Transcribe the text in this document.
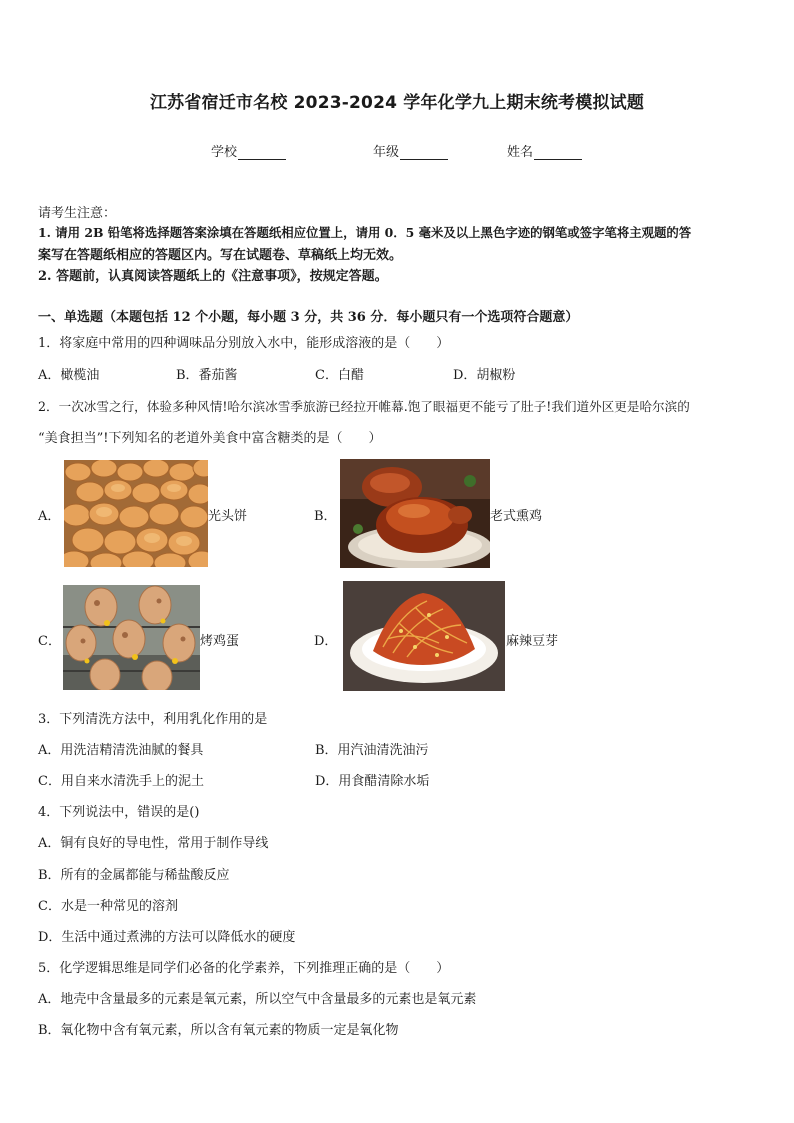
江苏省宿迁市名校 2023-2024 学年化学九上期末统考模拟试题
学校	年级	姓名
请考生注意：
1. 请用 2B 铅笔将选择题答案涂填在答题纸相应位置上，请用 0．5 毫米及以上黑色字迹的钢笔或签字笔将主观题的答
案写在答题纸相应的答题区内。写在试题卷、草稿纸上均无效。
2. 答题前，认真阅读答题纸上的《注意事项》，按规定答题。
一、单选题（本题包括 12 个小题，每小题 3 分，共 36 分．每小题只有一个选项符合题意）
1．将家庭中常用的四种调味品分别放入水中，能形成溶液的是（　　）
A．橄榄油	B．番茄酱	C．白醋	D．胡椒粉
2．一次冰雪之行，体验多种风情!哈尔滨冰雪季旅游已经拉开帷幕.饱了眼福更不能亏了肚子!我们道外区更是哈尔滨的
“美食担当”!下列知名的老道外美食中富含糖类的是（　　）
A．	光头饼	B．	老式熏鸡
C．	烤鸡蛋	D．	麻辣豆芽
3．下列清洗方法中，利用乳化作用的是
A．用洗洁精清洗油腻的餐具	B．用汽油清洗油污
C．用自来水清洗手上的泥土	D．用食醋清除水垢
4．下列说法中，错误的是()
A．铜有良好的导电性，常用于制作导线
B．所有的金属都能与稀盐酸反应
C．水是一种常见的溶剂
D．生活中通过煮沸的方法可以降低水的硬度
5．化学逻辑思维是同学们必备的化学素养，下列推理正确的是（　　）
A．地壳中含量最多的元素是氧元素，所以空气中含量最多的元素也是氧元素
B．氧化物中含有氧元素，所以含有氧元素的物质一定是氧化物
